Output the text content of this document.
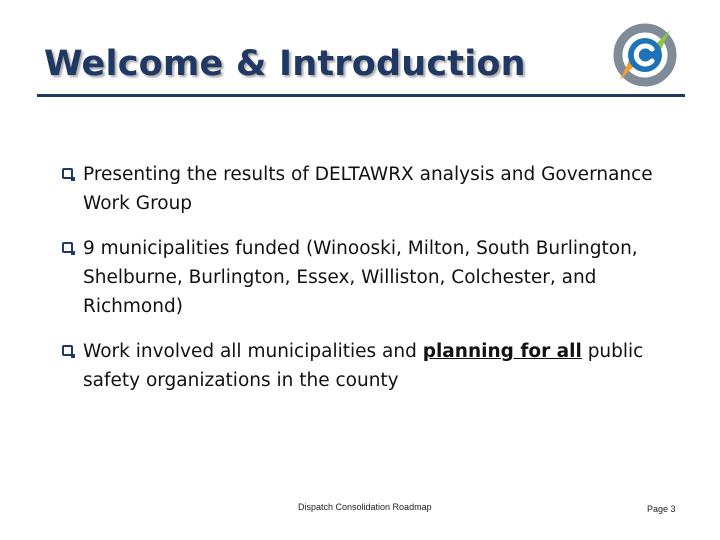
Welcome & Introduction
Presenting the results of DELTAWRX analysis and Governance Work Group
9 municipalities funded (Winooski, Milton, South Burlington, Shelburne, Burlington, Essex, Williston, Colchester, and Richmond)
Work involved all municipalities and planning for all public safety organizations in the county
Dispatch Consolidation Roadmap	Page 3
